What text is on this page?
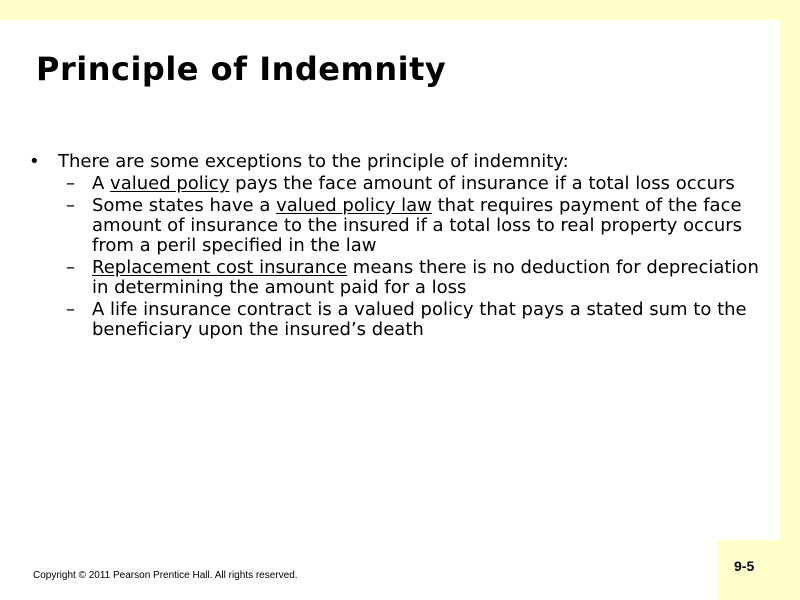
Principle of Indemnity
• There are some exceptions to the principle of indemnity:
– A valued policy pays the face amount of insurance if a total loss occurs
– Some states have a valued policy law that requires payment of the face amount of insurance to the insured if a total loss to real property occurs from a peril specified in the law
– Replacement cost insurance means there is no deduction for depreciation in determining the amount paid for a loss
– A life insurance contract is a valued policy that pays a stated sum to the beneficiary upon the insured’s death
Copyright © 2011 Pearson Prentice Hall. All rights reserved.
9-5
